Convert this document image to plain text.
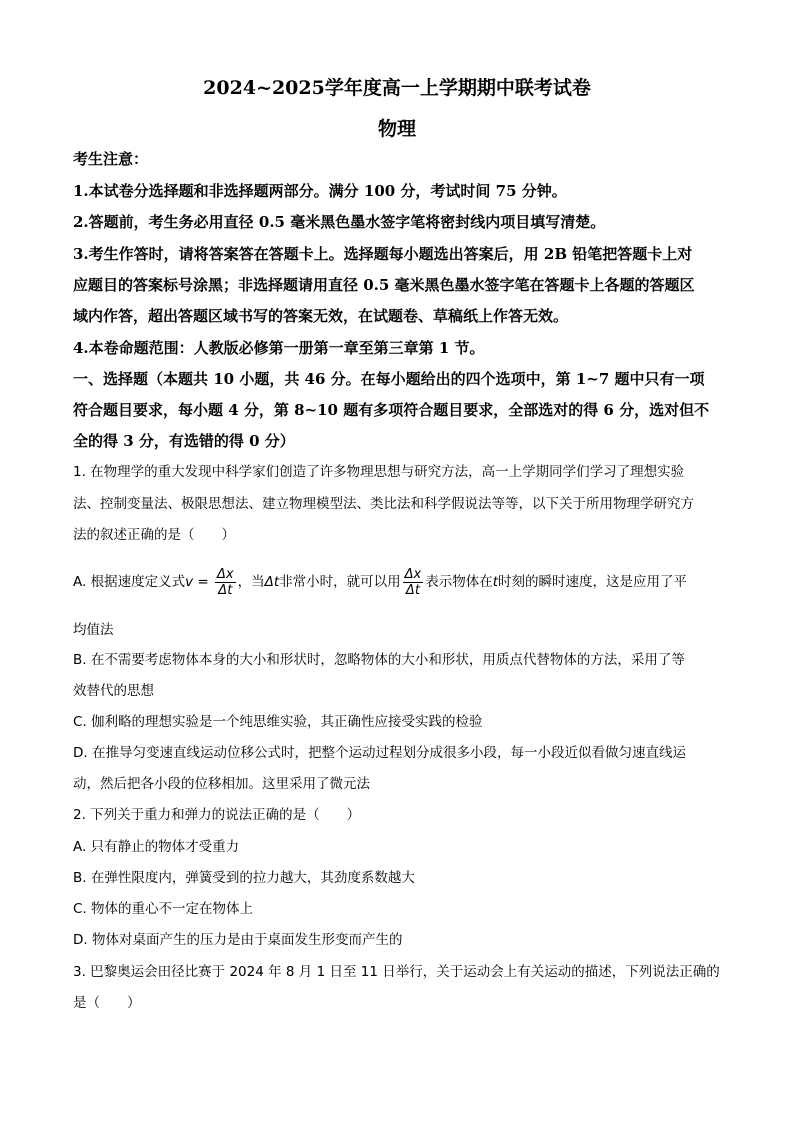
2024~2025学年度高一上学期期中联考试卷
物理
考生注意：
1.本试卷分选择题和非选择题两部分。满分 100 分，考试时间 75 分钟。
2.答题前，考生务必用直径 0.5 毫米黑色墨水签字笔将密封线内项目填写清楚。
3.考生作答时，请将答案答在答题卡上。选择题每小题选出答案后，用 2B 铅笔把答题卡上对
应题目的答案标号涂黑；非选择题请用直径 0.5 毫米黑色墨水签字笔在答题卡上各题的答题区
域内作答，超出答题区域书写的答案无效，在试题卷、草稿纸上作答无效。
4.本卷命题范围：人教版必修第一册第一章至第三章第 1 节。
一、选择题（本题共 10 小题，共 46 分。在每小题给出的四个选项中，第 1~7 题中只有一项
符合题目要求，每小题 4 分，第 8~10 题有多项符合题目要求，全部选对的得 6 分，选对但不
全的得 3 分，有选错的得 0 分）
1. 在物理学的重大发现中科学家们创造了许多物理思想与研究方法，高一上学期同学们学习了理想实验
法、控制变量法、极限思想法、建立物理模型法、类比法和科学假说法等等，以下关于所用物理学研究方
法的叙述正确的是（　　）
A. 根据速度定义式$v = \frac{\Delta x}{\Delta t}$ ，当Δt非常小时，就可以用 $\frac{\Delta x}{\Delta t}$ 表示物体在t时刻的瞬时速度，这是应用了平
均值法
B. 在不需要考虑物体本身的大小和形状时，忽略物体的大小和形状，用质点代替物体的方法，采用了等
效替代的思想
C. 伽利略的理想实验是一个纯思维实验，其正确性应接受实践的检验
D. 在推导匀变速直线运动位移公式时，把整个运动过程划分成很多小段，每一小段近似看做匀速直线运
动，然后把各小段的位移相加。这里采用了微元法
2. 下列关于重力和弹力的说法正确的是（　　）
A. 只有静止的物体才受重力
B. 在弹性限度内，弹簧受到的拉力越大，其劲度系数越大
C. 物体的重心不一定在物体上
D. 物体对桌面产生的压力是由于桌面发生形变而产生的
3. 巴黎奥运会田径比赛于 2024 年 8 月 1 日至 11 日举行，关于运动会上有关运动的描述，下列说法正确的
是（　　）
